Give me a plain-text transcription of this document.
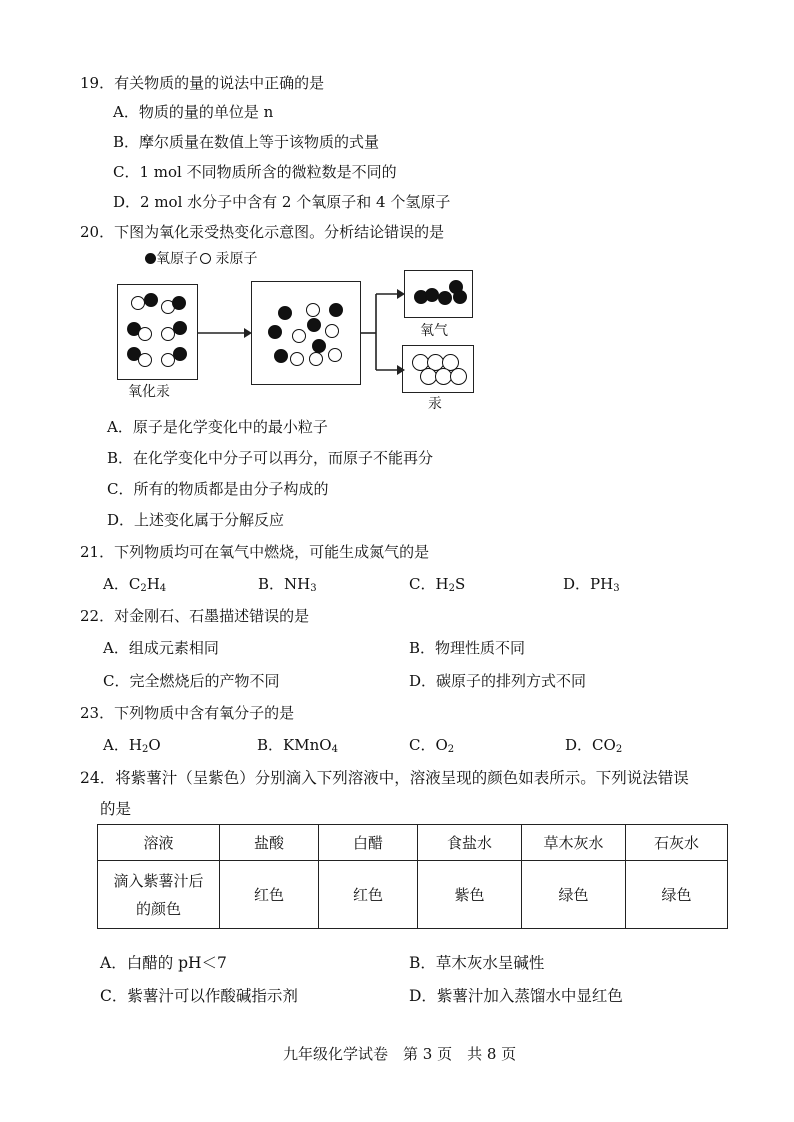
19．有关物质的量的说法中正确的是
A．物质的量的单位是 n
B．摩尔质量在数值上等于该物质的式量
C．1 mol 不同物质所含的微粒数是不同的
D．2 mol 水分子中含有 2 个氧原子和 4 个氢原子
20．下图为氧化汞受热变化示意图。分析结论错误的是
氧原子 汞原子
氧化汞
氧气
汞
A．原子是化学变化中的最小粒子
B．在化学变化中分子可以再分，而原子不能再分
C．所有的物质都是由分子构成的
D．上述变化属于分解反应
21．下列物质均可在氧气中燃烧，可能生成氮气的是
A．$C_2H_4$	B．$NH_3$	C．$H_2S$	D．$PH_3$
22．对金刚石、石墨描述错误的是
A．组成元素相同	B．物理性质不同
C．完全燃烧后的产物不同	D．碳原子的排列方式不同
23．下列物质中含有氧分子的是
A．$H_2O$	B．KMnO$_4$	C．$O_2$	D．$CO_2$
24．将紫薯汁（呈紫色）分别滴入下列溶液中，溶液呈现的颜色如表所示。下列说法错误
的是
溶液	盐酸	白醋	食盐水	草木灰水	石灰水
滴入紫薯汁后
的颜色	红色	红色	紫色	绿色	绿色
A．白醋的 pH＜7	B．草木灰水呈碱性
C．紫薯汁可以作酸碱指示剂	D．紫薯汁加入蒸馏水中显红色
九年级化学试卷　第 3 页　共 8 页
